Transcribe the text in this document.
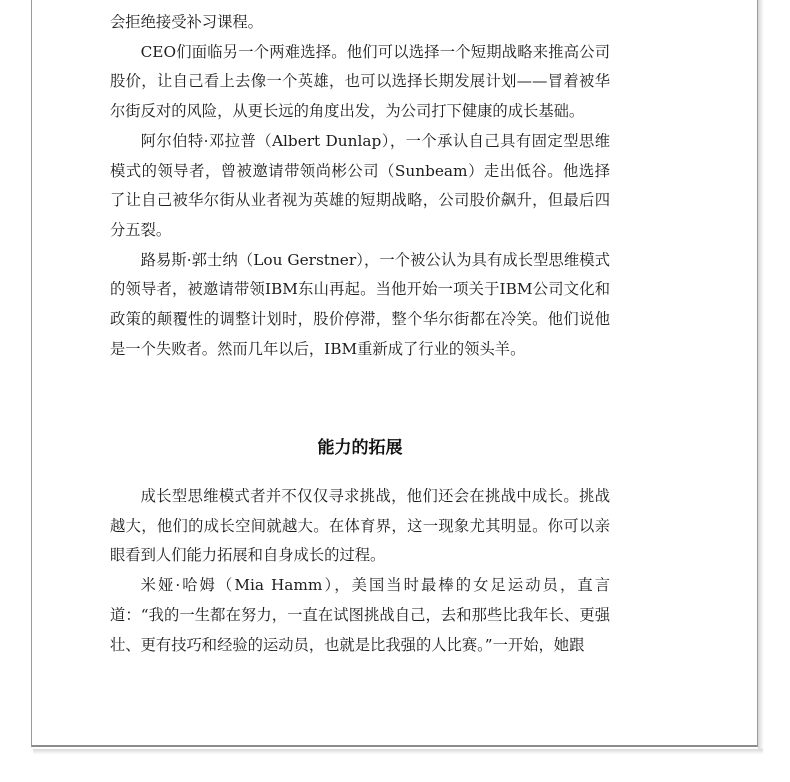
会拒绝接受补习课程。

CEO们面临另一个两难选择。他们可以选择一个短期战略来推高公司股价，让自己看上去像一个英雄，也可以选择长期发展计划——冒着被华尔街反对的风险，从更长远的角度出发，为公司打下健康的成长基础。

阿尔伯特·邓拉普（Albert Dunlap），一个承认自己具有固定型思维模式的领导者，曾被邀请带领尚彬公司（Sunbeam）走出低谷。他选择了让自己被华尔街从业者视为英雄的短期战略，公司股价飙升，但最后四分五裂。

路易斯·郭士纳（Lou Gerstner），一个被公认为具有成长型思维模式的领导者，被邀请带领IBM东山再起。当他开始一项关于IBM公司文化和政策的颠覆性的调整计划时，股价停滞，整个华尔街都在冷笑。他们说他是一个失败者。然而几年以后，IBM重新成了行业的领头羊。

能力的拓展

成长型思维模式者并不仅仅寻求挑战，他们还会在挑战中成长。挑战越大，他们的成长空间就越大。在体育界，这一现象尤其明显。你可以亲眼看到人们能力拓展和自身成长的过程。

米娅·哈姆（Mia Hamm），美国当时最棒的女足运动员，直言道：“我的一生都在努力，一直在试图挑战自己，去和那些比我年长、更强壮、更有技巧和经验的运动员，也就是比我强的人比赛。”一开始，她跟
